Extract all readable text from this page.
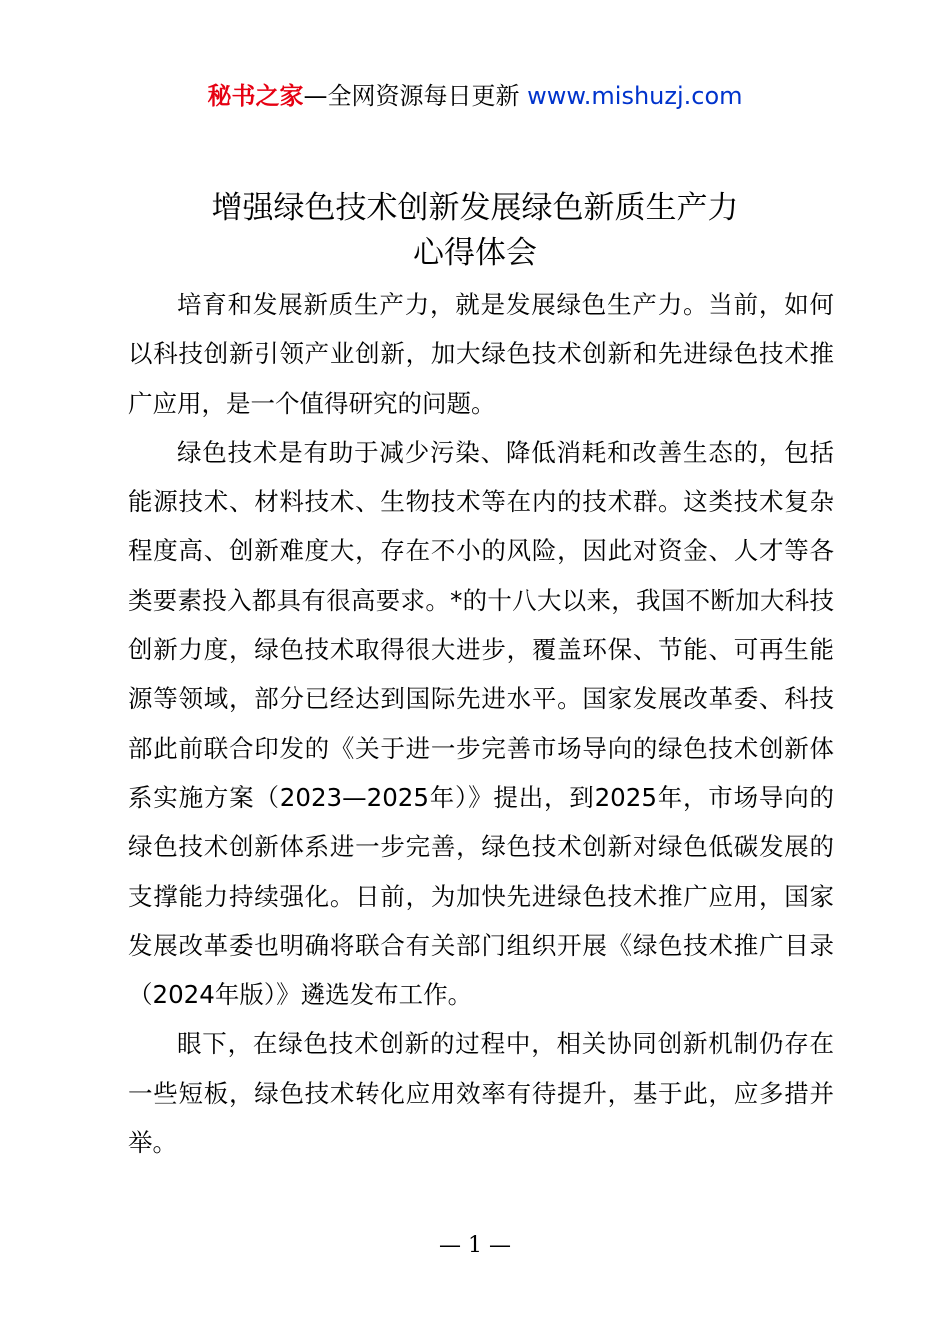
秘书之家—全网资源每日更新 www.mishuzj.com
增强绿色技术创新发展绿色新质生产力
心得体会

培育和发展新质生产力，就是发展绿色生产力。当前，如何以科技创新引领产业创新，加大绿色技术创新和先进绿色技术推广应用，是一个值得研究的问题。

绿色技术是有助于减少污染、降低消耗和改善生态的，包括能源技术、材料技术、生物技术等在内的技术群。这类技术复杂程度高、创新难度大，存在不小的风险，因此对资金、人才等各类要素投入都具有很高要求。*的十八大以来，我国不断加大科技创新力度，绿色技术取得很大进步，覆盖环保、节能、可再生能源等领域，部分已经达到国际先进水平。国家发展改革委、科技部此前联合印发的《关于进一步完善市场导向的绿色技术创新体系实施方案（2023—2025年）》提出，到2025年，市场导向的绿色技术创新体系进一步完善，绿色技术创新对绿色低碳发展的支撑能力持续强化。日前，为加快先进绿色技术推广应用，国家发展改革委也明确将联合有关部门组织开展《绿色技术推广目录（2024年版）》遴选发布工作。

眼下，在绿色技术创新的过程中，相关协同创新机制仍存在一些短板，绿色技术转化应用效率有待提升，基于此，应多措并举。

— 1 —
